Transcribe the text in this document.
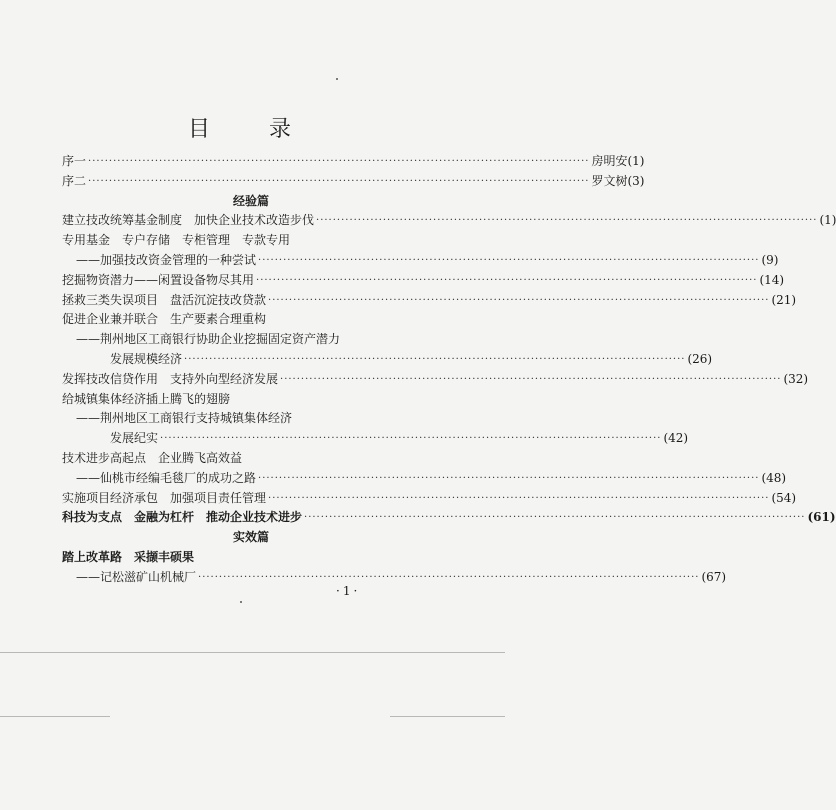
目 录
序一 ························································································································ 房明安(1)
序二 ························································································································ 罗文树(3)
经验篇
建立技改统筹基金制度　加快企业技术改造步伐 ························································································································ (1)
专用基金　专户存储　专柜管理　专款专用
——加强技改资金管理的一种尝试 ························································································································ (9)
挖掘物资潜力——闲置设备物尽其用 ························································································································ (14)
拯救三类失误项目　盘活沉淀技改贷款 ························································································································ (21)
促进企业兼并联合　生产要素合理重构
——荆州地区工商银行协助企业挖掘固定资产潜力
发展规模经济 ························································································································ (26)
发挥技改信贷作用　支持外向型经济发展 ························································································································ (32)
给城镇集体经济插上腾飞的翅膀
——荆州地区工商银行支持城镇集体经济
发展纪实 ························································································································ (42)
技术进步高起点　企业腾飞高效益
——仙桃市经编毛毯厂的成功之路 ························································································································ (48)
实施项目经济承包　加强项目责任管理 ························································································································ (54)
科技为支点　金融为杠杆　推动企业技术进步 ························································································································ (61)
实效篇
踏上改革路　采撷丰硕果
——记松滋矿山机械厂 ························································································································ (67)
·1·
